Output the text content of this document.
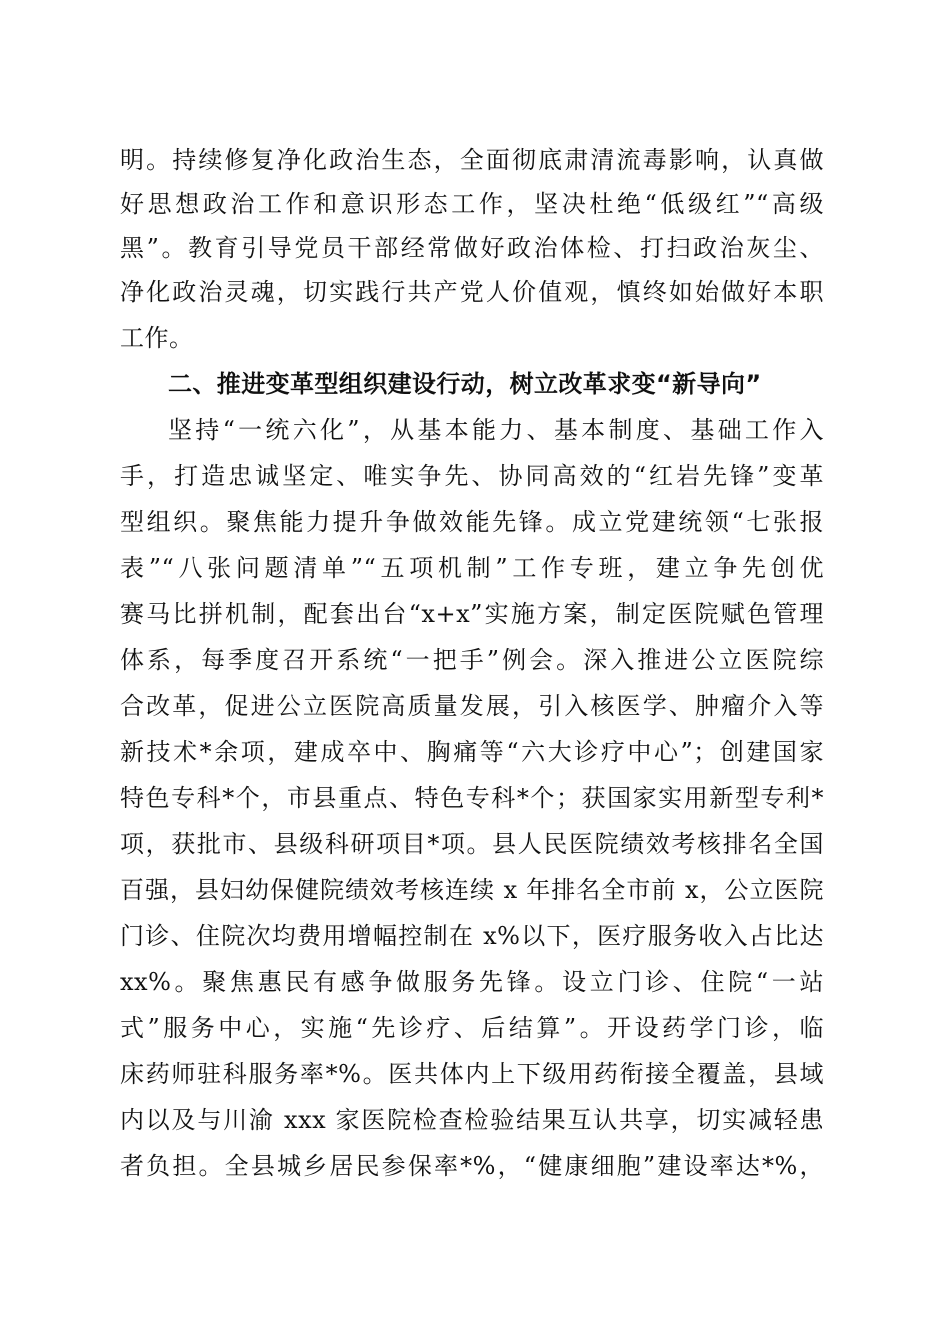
明。持续修复净化政治生态，全面彻底肃清流毒影响，认真做
好思想政治工作和意识形态工作，坚决杜绝“低级红”“高级
黑”。教育引导党员干部经常做好政治体检、打扫政治灰尘、
净化政治灵魂，切实践行共产党人价值观，慎终如始做好本职
工作。
二、推进变革型组织建设行动，树立改革求变“新导向”
坚持“一统六化”，从基本能力、基本制度、基础工作入
手，打造忠诚坚定、唯实争先、协同高效的“红岩先锋”变革
型组织。聚焦能力提升争做效能先锋。成立党建统领“七张报
表”“八张问题清单”“五项机制”工作专班，建立争先创优
赛马比拼机制，配套出台“x+x”实施方案，制定医院赋色管理
体系，每季度召开系统“一把手”例会。深入推进公立医院综
合改革，促进公立医院高质量发展，引入核医学、肿瘤介入等
新技术*余项，建成卒中、胸痛等“六大诊疗中心”；创建国家
特色专科*个，市县重点、特色专科*个；获国家实用新型专利*
项，获批市、县级科研项目*项。县人民医院绩效考核排名全国
百强，县妇幼保健院绩效考核连续 x 年排名全市前 x，公立医院
门诊、住院次均费用增幅控制在 x%以下，医疗服务收入占比达
xx%。聚焦惠民有感争做服务先锋。设立门诊、住院“一站
式”服务中心，实施“先诊疗、后结算”。开设药学门诊，临
床药师驻科服务率*%。医共体内上下级用药衔接全覆盖，县域
内以及与川渝 xxx 家医院检查检验结果互认共享，切实减轻患
者负担。全县城乡居民参保率*%，“健康细胞”建设率达*%，
